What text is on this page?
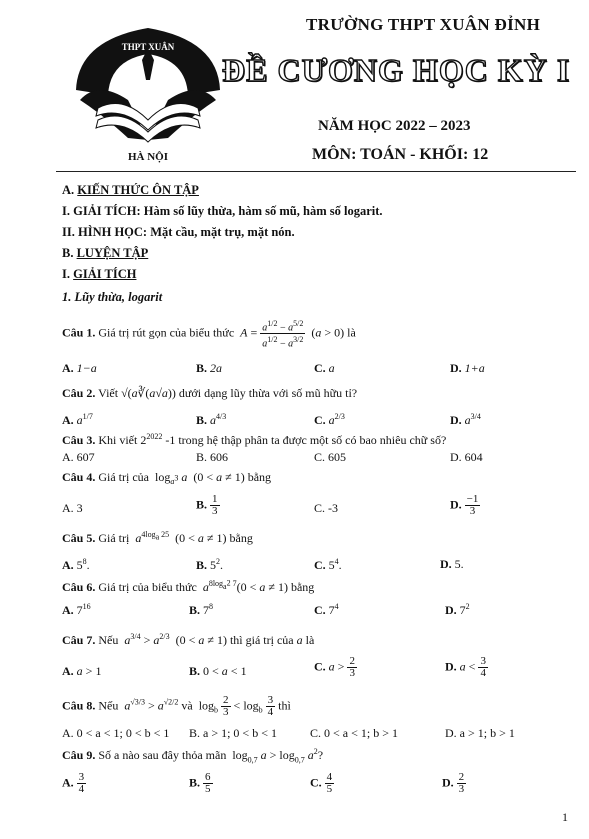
TRƯỜNG THPT XUÂN ĐỈNH
THPT XUÂN
HÀ NỘI
ĐỀ CƯƠNG HỌC KỲ I
NĂM HỌC 2022 – 2023
MÔN: TOÁN - KHỐI: 12
A. KIẾN THỨC ÔN TẬP
I. GIẢI TÍCH: Hàm số lũy thừa, hàm số mũ, hàm số logarit.
II. HÌNH HỌC: Mặt cầu, mặt trụ, mặt nón.
B. LUYỆN TẬP
I. GIẢI TÍCH
1. Lũy thừa, logarit
Câu 1. Giá trị rút gọn của biểu thức $A = \frac{a^{1/2} - a^{5/2}}{a^{1/2} - a^{3/2}} (a > 0)$ là
A. 1−a	B. 2a	C. a	D. 1+a
Câu 2. Viết √(a∛(a√a)) dưới dạng lũy thừa với số mũ hữu tỉ?
A. $a^{1/7}$	B. $a^{4/3}$	C. $a^{2/3}$	D. $a^{3/4}$
Câu 3. Khi viết $2^{2022}$ -1 trong hệ thập phân ta được một số có bao nhiêu chữ số?
A. 607	B. 606	C. 605	D. 604
Câu 4. Giá trị của  $\log_{a^3} a$  (0 < a ≠ 1) bằng
A. 3	B. $\frac{1}{3}$	C. -3	D. $\frac{-1}{3}$
Câu 5. Giá trị $a^{4log_a 25}$  (0 < a ≠ 1) bằng
A. $5^8$.	B. $5^2$.	C. $5^4$.	D. 5.
Câu 6. Giá trị của biểu thức $a^{8log_{a^2} 7}(0 < a \ne 1)$ bằng
A. $7^{16}$	B. $7^8$	C. $7^4$	D. $7^2$
Câu 7. Nếu $a^{3/4} > a^{2/3}$  (0 < a ≠ 1) thì giá trị của a là
A. a > 1	B. 0 < a < 1	C. $a > \frac{2}{3}$	D. $a < \frac{3}{4}$
Câu 8. Nếu $a^{√3/3} > a^{√2/2}$ và  $\log_b \frac{2}{3} < \log_b \frac{3}{4}$ thì
A. 0 < a < 1; 0 < b < 1 B. a > 1; 0 < b < 1	C. 0 < a < 1; b > 1	D. a > 1; b > 1
Câu 9. Số a nào sau đây thỏa mãn  $\log_{0,7} a > \log_{0,7} a^2$?
A. $\frac{3}{4}$	B. $\frac{6}{5}$	C. $\frac{4}{5}$	D. $\frac{2}{3}$
1
